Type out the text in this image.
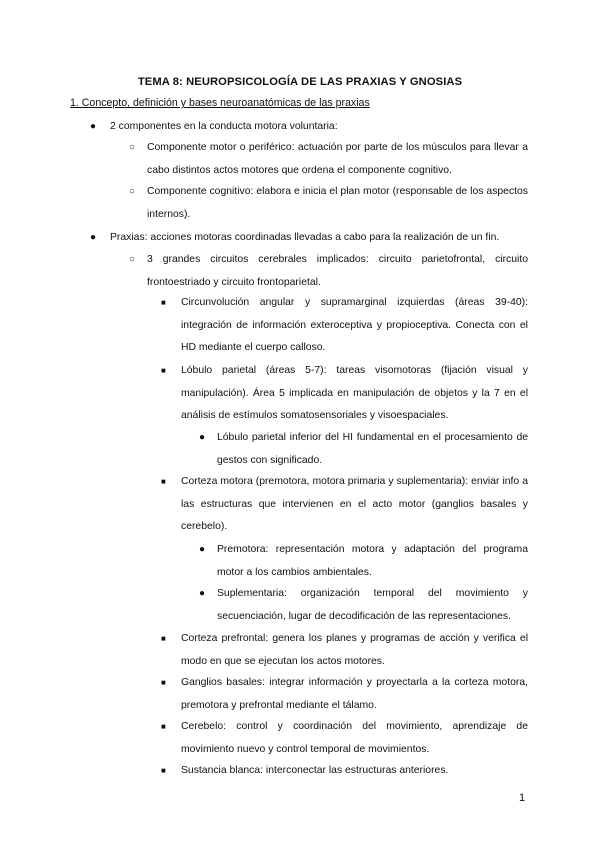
TEMA 8: NEUROPSICOLOGÍA DE LAS PRAXIAS Y GNOSIAS
1. Concepto, definición y bases neuroanatómicas de las praxias
● 2 componentes en la conducta motora voluntaria:
○ Componente motor o periférico: actuación por parte de los músculos para llevar a cabo distintos actos motores que ordena el componente cognitivo.
○ Componente cognitivo: elabora e inicia el plan motor (responsable de los aspectos internos).
● Praxias: acciones motoras coordinadas llevadas a cabo para la realización de un fin.
○ 3 grandes circuitos cerebrales implicados: circuito parietofrontal, circuito frontoestriado y circuito frontoparietal.
■ Circunvolución angular y supramarginal izquierdas (áreas 39-40): integración de información exteroceptiva y propioceptiva. Conecta con el HD mediante el cuerpo calloso.
■ Lóbulo parietal (áreas 5-7): tareas visomotoras (fijación visual y manipulación). Área 5 implicada en manipulación de objetos y la 7 en el análisis de estímulos somatosensoriales y visoespaciales.
● Lóbulo parietal inferior del HI fundamental en el procesamiento de gestos con significado.
■ Corteza motora (premotora, motora primaria y suplementaria): enviar info a las estructuras que intervienen en el acto motor (ganglios basales y cerebelo).
● Premotora: representación motora y adaptación del programa motor a los cambios ambientales.
● Suplementaria: organización temporal del movimiento y secuenciación, lugar de decodificación de las representaciones.
■ Corteza prefrontal: genera los planes y programas de acción y verifica el modo en que se ejecutan los actos motores.
■ Ganglios basales: integrar información y proyectarla a la corteza motora, premotora y prefrontal mediante el tálamo.
■ Cerebelo: control y coordinación del movimiento, aprendizaje de movimiento nuevo y control temporal de movimientos.
■ Sustancia blanca: interconectar las estructuras anteriores.
1
